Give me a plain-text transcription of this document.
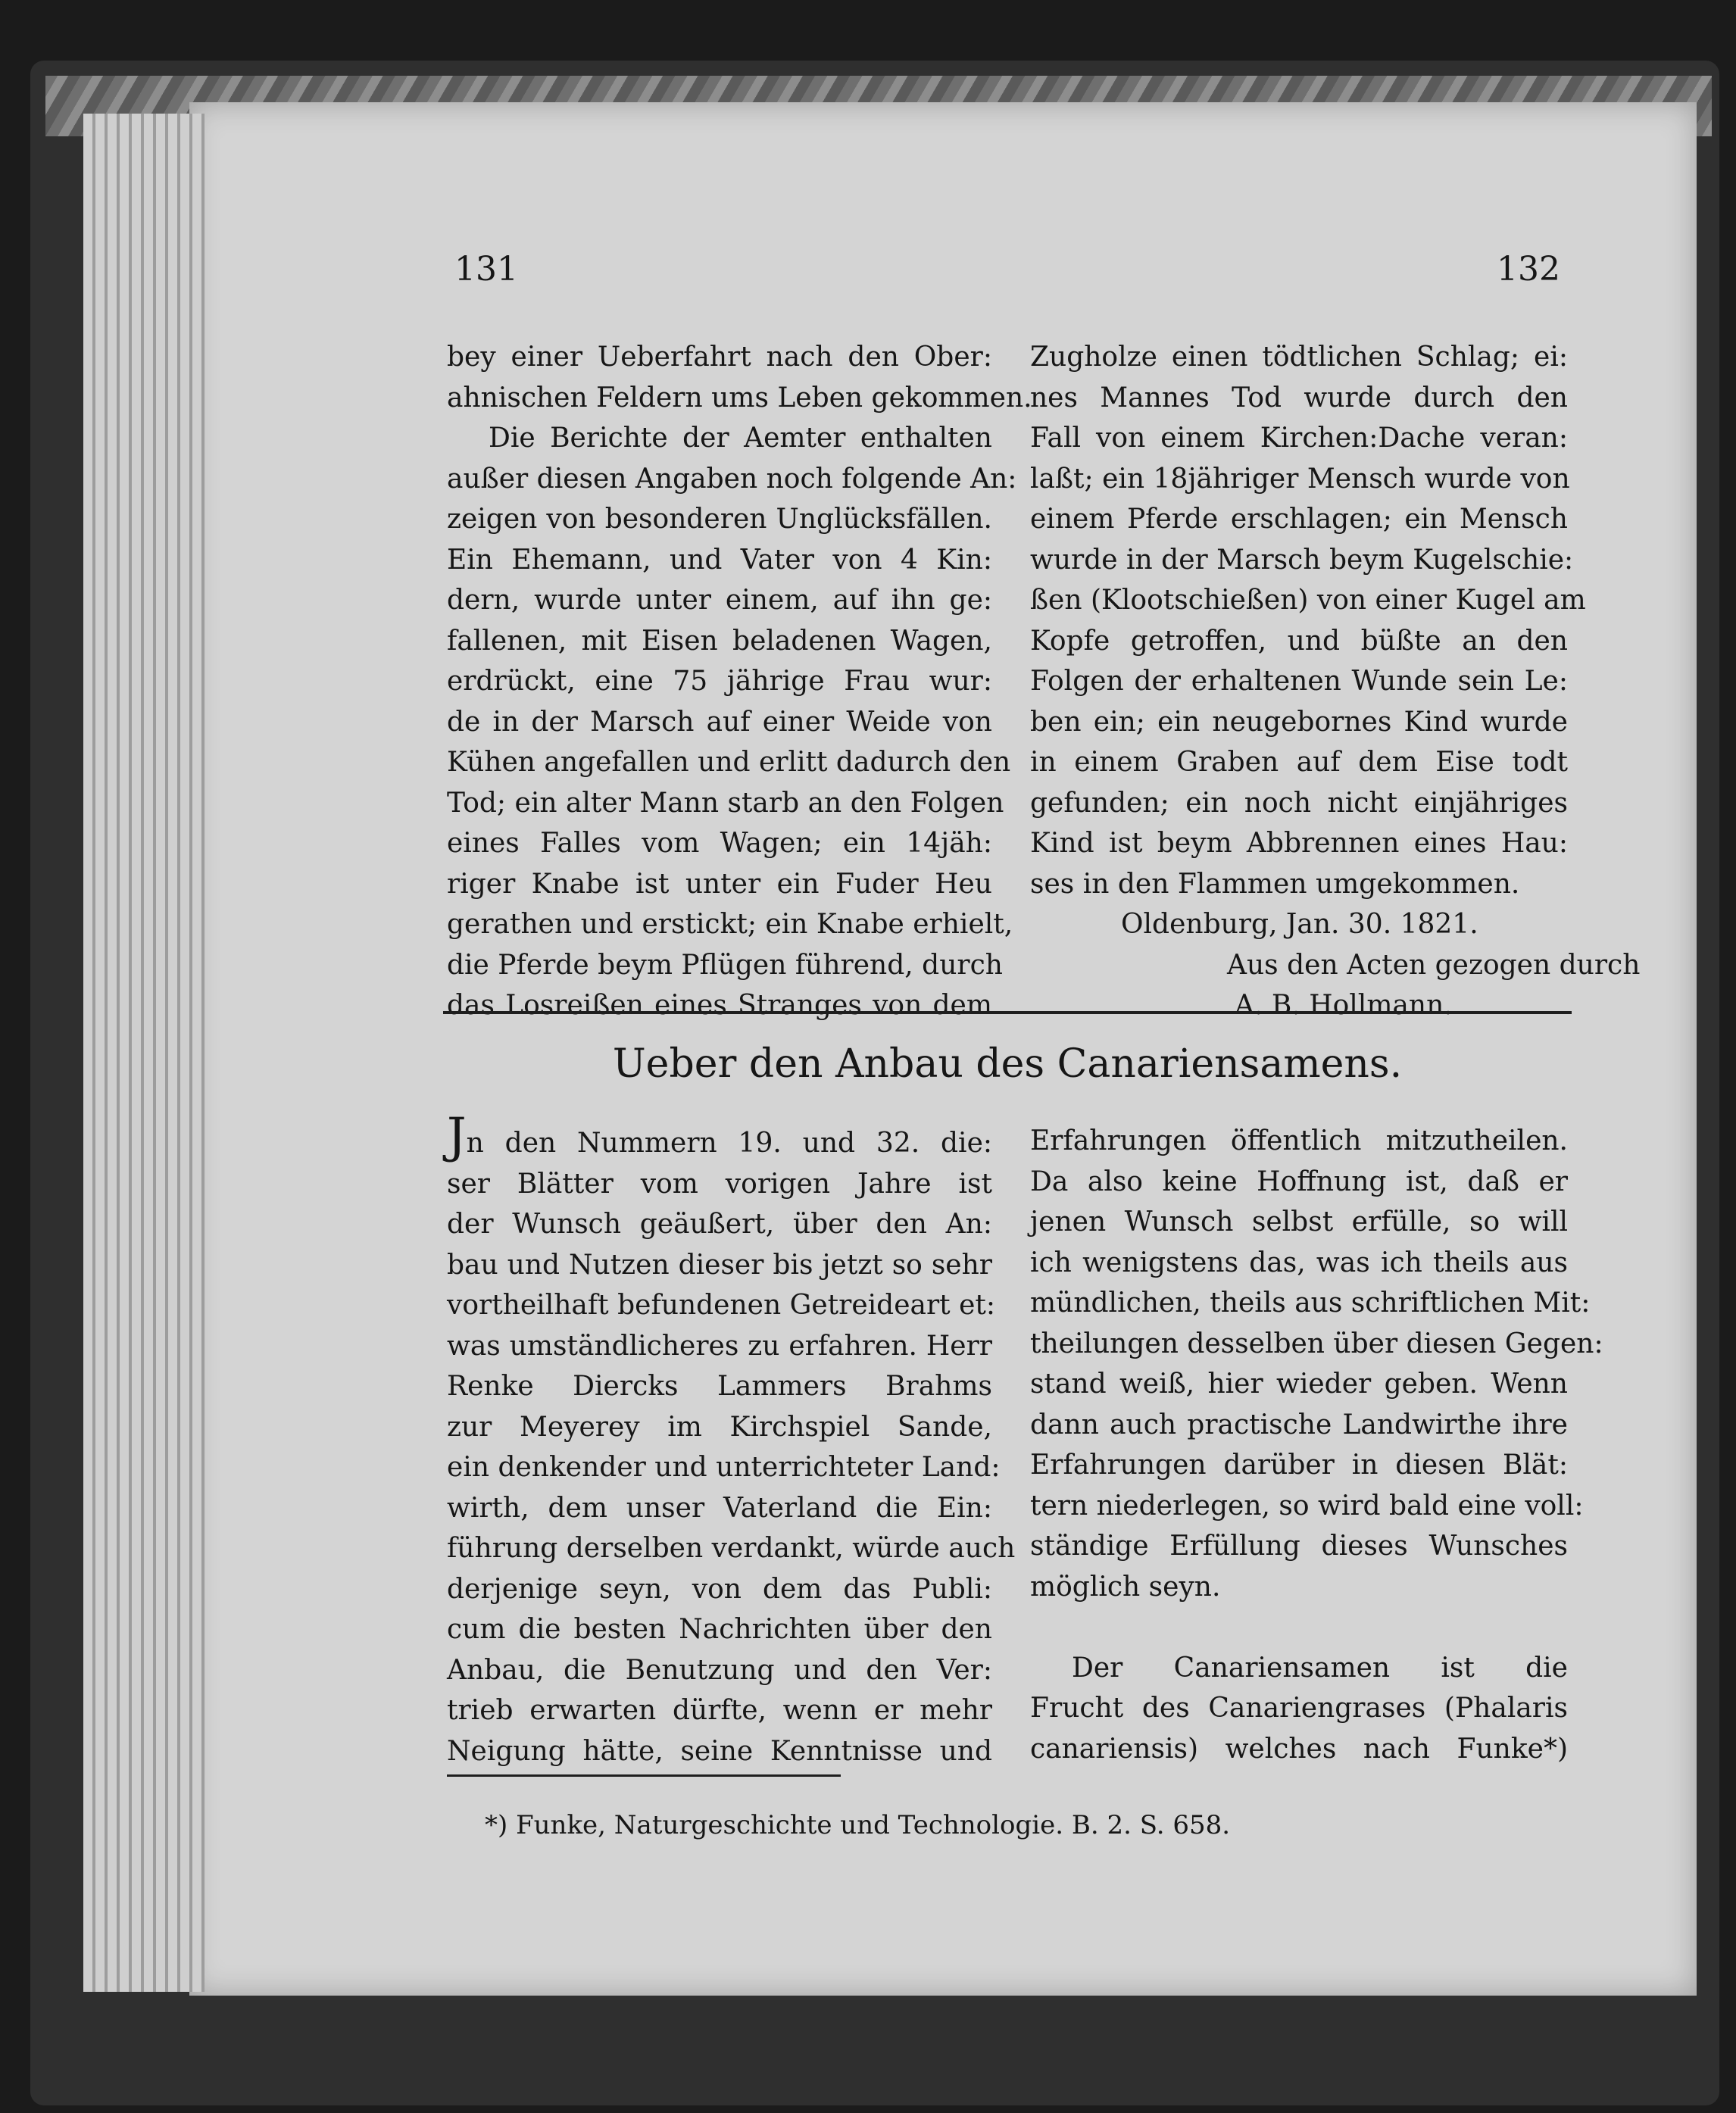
131	132
bey einer Ueberfahrt nach den Ober:
ahnischen Feldern ums Leben gekommen.
Die Berichte der Aemter enthalten
außer diesen Angaben noch folgende An:
zeigen von besonderen Unglücksfällen.
Ein Ehemann, und Vater von 4 Kin:
dern, wurde unter einem, auf ihn ge:
fallenen, mit Eisen beladenen Wagen,
erdrückt, eine 75 jährige Frau wur:
de in der Marsch auf einer Weide von
Kühen angefallen und erlitt dadurch den
Tod; ein alter Mann starb an den Folgen
eines Falles vom Wagen; ein 14jäh:
riger Knabe ist unter ein Fuder Heu
gerathen und erstickt; ein Knabe erhielt,
die Pferde beym Pflügen führend, durch
das Losreißen eines Stranges von dem
Zugholze einen tödtlichen Schlag; ei:
nes Mannes Tod wurde durch den
Fall von einem Kirchen:Dache veran:
laßt; ein 18jähriger Mensch wurde von
einem Pferde erschlagen; ein Mensch
wurde in der Marsch beym Kugelschie:
ßen (Klootschießen) von einer Kugel am
Kopfe getroffen, und büßte an den
Folgen der erhaltenen Wunde sein Le:
ben ein; ein neugebornes Kind wurde
in einem Graben auf dem Eise todt
gefunden; ein noch nicht einjähriges
Kind ist beym Abbrennen eines Hau:
ses in den Flammen umgekommen.
Oldenburg, Jan. 30. 1821.
Aus den Acten gezogen durch
A. B. Hollmann.
Ueber den Anbau des Canariensamens.
Jn den Nummern 19. und 32. die:
ser Blätter vom vorigen Jahre ist
der Wunsch geäußert, über den An:
bau und Nutzen dieser bis jetzt so sehr
vortheilhaft befundenen Getreideart et:
was umständlicheres zu erfahren. Herr
Renke Diercks Lammers Brahms
zur Meyerey im Kirchspiel Sande,
ein denkender und unterrichteter Land:
wirth, dem unser Vaterland die Ein:
führung derselben verdankt, würde auch
derjenige seyn, von dem das Publi:
cum die besten Nachrichten über den
Anbau, die Benutzung und den Ver:
trieb erwarten dürfte, wenn er mehr
Neigung hätte, seine Kenntnisse und
Erfahrungen öffentlich mitzutheilen.
Da also keine Hoffnung ist, daß er
jenen Wunsch selbst erfülle, so will
ich wenigstens das, was ich theils aus
mündlichen, theils aus schriftlichen Mit:
theilungen desselben über diesen Gegen:
stand weiß, hier wieder geben. Wenn
dann auch practische Landwirthe ihre
Erfahrungen darüber in diesen Blät:
tern niederlegen, so wird bald eine voll:
ständige Erfüllung dieses Wunsches
möglich seyn.

Der Canariensamen ist die
Frucht des Canariengrases (Phalaris
canariensis) welches nach Funke*)
*) Funke, Naturgeschichte und Technologie. B. 2. S. 658.
